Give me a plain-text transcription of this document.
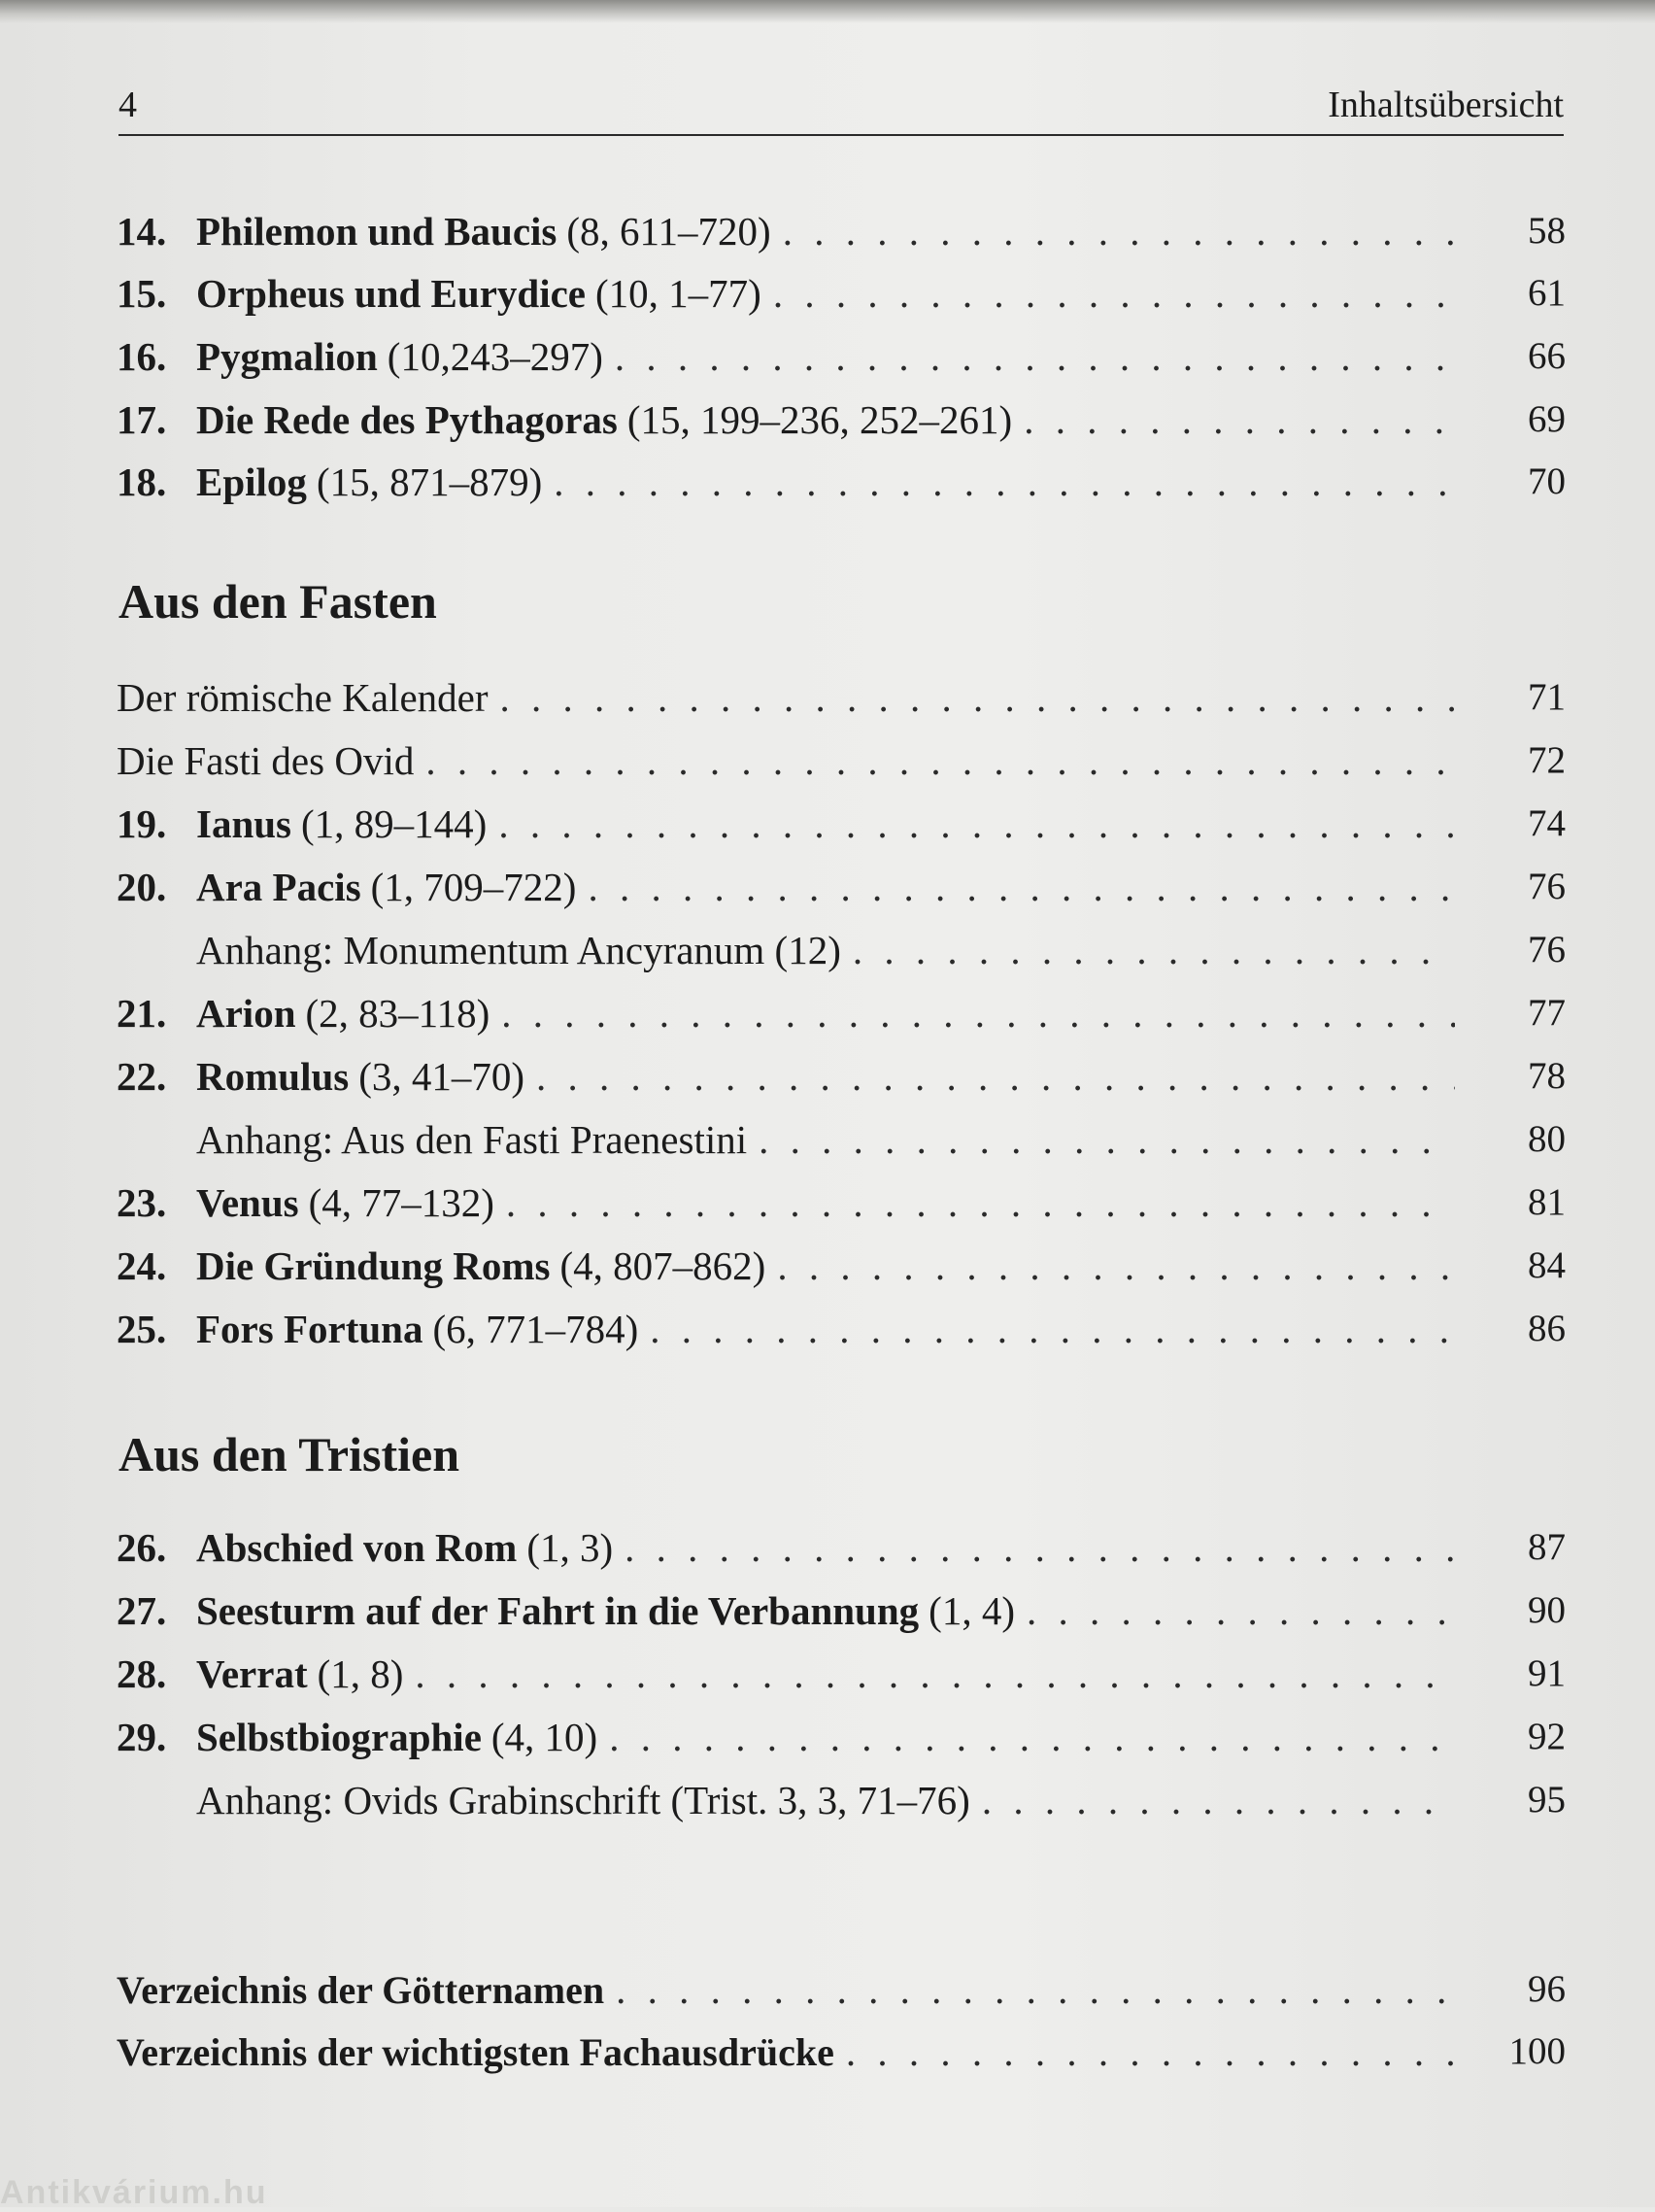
4	Inhaltsübersicht
14. Philemon und Baucis (8, 611–720) . . .	58
15. Orpheus und Eurydice (10, 1–77) . . .	61
16. Pygmalion (10,243–297) . . .	66
17. Die Rede des Pythagoras (15, 199–236, 252–261) . . .	69
18. Epilog (15, 871–879) . . .	70
Aus den Fasten
Der römische Kalender . . .	71
Die Fasti des Ovid . . .	72
19. Ianus (1, 89–144) . . .	74
20. Ara Pacis (1, 709–722) . . .	76
Anhang: Monumentum Ancyranum (12) . . .	76
21. Arion (2, 83–118) . . .	77
22. Romulus (3, 41–70) . . .	78
Anhang: Aus den Fasti Praenestini . . .	80
23. Venus (4, 77–132) . . .	81
24. Die Gründung Roms (4, 807–862) . . .	84
25. Fors Fortuna (6, 771–784) . . .	86
Aus den Tristien
26. Abschied von Rom (1, 3) . . .	87
27. Seesturm auf der Fahrt in die Verbannung (1, 4) . . .	90
28. Verrat (1, 8) . . .	91
29. Selbstbiographie (4, 10) . . .	92
Anhang: Ovids Grabinschrift (Trist. 3, 3, 71–76) . . .	95
Verzeichnis der Götternamen . . .	96
Verzeichnis der wichtigsten Fachausdrücke . . .	100
Antikvárium.hu
